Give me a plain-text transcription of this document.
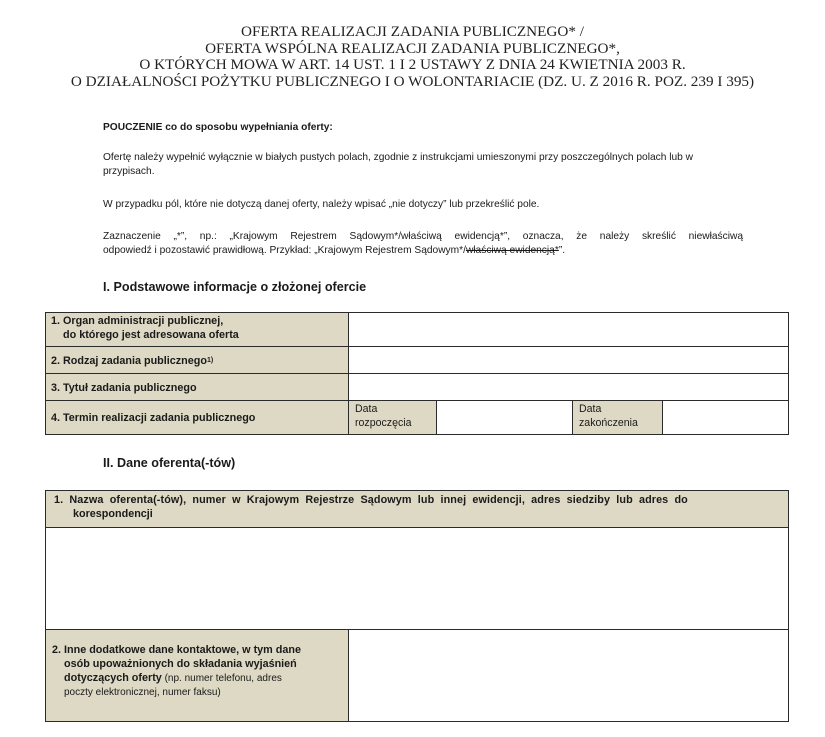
OFERTA REALIZACJI ZADANIA PUBLICZNEGO* /
OFERTA WSPÓLNA REALIZACJI ZADANIA PUBLICZNEGO*,
O KTÓRYCH MOWA W ART. 14 UST. 1 I 2 USTAWY Z DNIA 24 KWIETNIA 2003 R.
O DZIAŁALNOŚCI POŻYTKU PUBLICZNEGO I O WOLONTARIACIE (DZ. U. Z 2016 R. POZ. 239 I 395)
POUCZENIE co do sposobu wypełniania oferty:
Ofertę należy wypełnić wyłącznie w białych pustych polach, zgodnie z instrukcjami umieszonymi przy poszczególnych polach lub w przypisach.
W przypadku pól, które nie dotyczą danej oferty, należy wpisać „nie dotyczy” lub przekreślić pole.
Zaznaczenie „*”, np.: „Krajowym Rejestrem Sądowym*/właściwą ewidencją*”, oznacza, że należy skreślić niewłaściwą
odpowiedź i pozostawić prawidłową. Przykład: „Krajowym Rejestrem Sądowym*/właściwą ewidencją*”.
I. Podstawowe informacje o złożonej ofercie
1. Organ administracji publicznej,
do którego jest adresowana oferta
2. Rodzaj zadania publicznego 1)
3. Tytuł zadania publicznego
4. Termin realizacji zadania publicznego
Data
rozpoczęcia
Data
zakończenia
II. Dane oferenta(-tów)
1.  Nazwa  oferenta(-tów),  numer  w  Krajowym  Rejestrze  Sądowym  lub  innej  ewidencji,  adres  siedziby  lub  adres  do
korespondencji
2. Inne dodatkowe dane kontaktowe, w tym dane
osób upoważnionych do składania wyjaśnień
dotyczących oferty (np. numer telefonu, adres
poczty elektronicznej, numer faksu)
